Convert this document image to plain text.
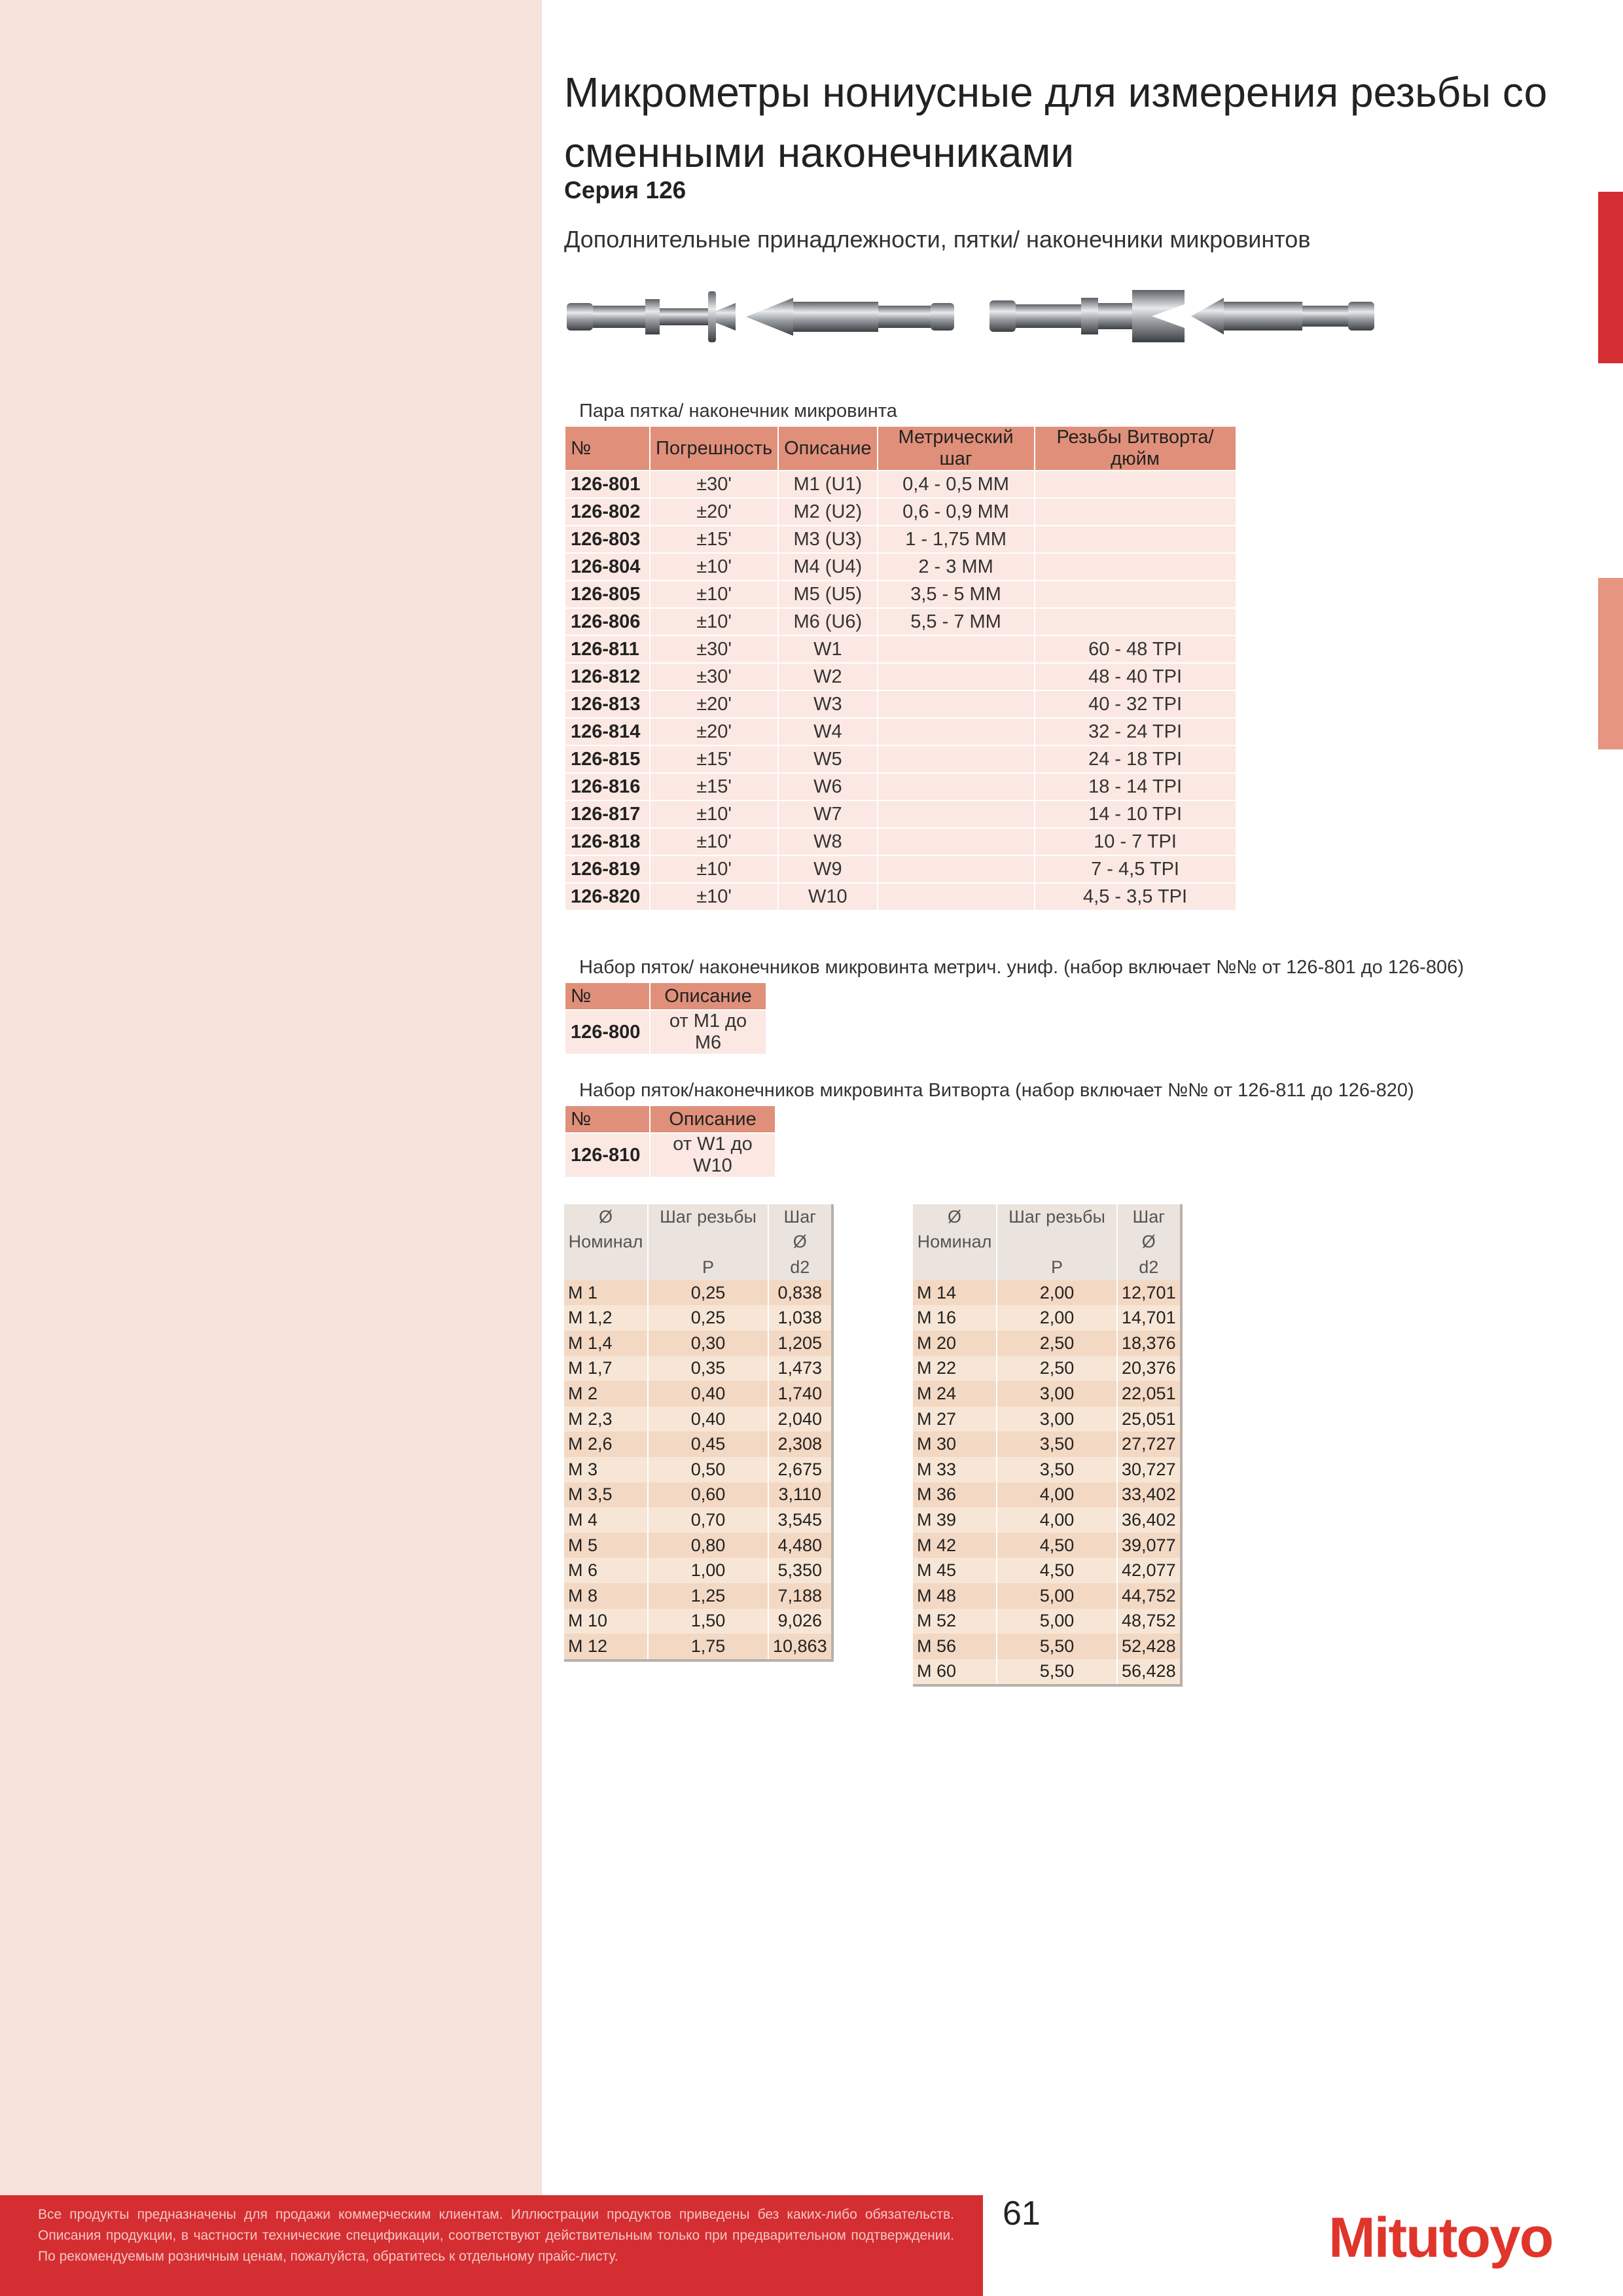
Микрометры нониусные для измерения резьбы со сменными наконечниками
Серия 126
Дополнительные принадлежности, пятки/ наконечники микровинтов
Пара пятка/ наконечник микровинта
№	Погрешность	Описание	Метрический шаг	Резьбы Витворта/дюйм
126-801	±30'	M1 (U1)	0,4 - 0,5 MM	
126-802	±20'	M2 (U2)	0,6 - 0,9 MM	
126-803	±15'	M3 (U3)	1 - 1,75 MM	
126-804	±10'	M4 (U4)	2 - 3 MM	
126-805	±10'	M5 (U5)	3,5 - 5 MM	
126-806	±10'	M6 (U6)	5,5 - 7 MM	
126-811	±30'	W1		60 - 48 TPI
126-812	±30'	W2		48 - 40 TPI
126-813	±20'	W3		40 - 32 TPI
126-814	±20'	W4		32 - 24 TPI
126-815	±15'	W5		24 - 18 TPI
126-816	±15'	W6		18 - 14 TPI
126-817	±10'	W7		14 - 10 TPI
126-818	±10'	W8		10 - 7 TPI
126-819	±10'	W9		7 - 4,5 TPI
126-820	±10'	W10		4,5 - 3,5 TPI
Набор пяток/ наконечников микровинта метрич. униф. (набор включает №№ от 126-801 до 126-806)
№	Описание
126-800	от M1 до M6
Набор пяток/наконечников микровинта Витворта (набор включает №№ от 126-811 до 126-820)
№	Описание
126-810	от W1 до W10
Ø	Шаг резьбы	Шаг
Номинал		Ø
	P	d2
M 1	0,25	0,838
M 1,2	0,25	1,038
M 1,4	0,30	1,205
M 1,7	0,35	1,473
M 2	0,40	1,740
M 2,3	0,40	2,040
M 2,6	0,45	2,308
M 3	0,50	2,675
M 3,5	0,60	3,110
M 4	0,70	3,545
M 5	0,80	4,480
M 6	1,00	5,350
M 8	1,25	7,188
M 10	1,50	9,026
M 12	1,75	10,863
Ø	Шаг резьбы	Шаг
Номинал		Ø
	P	d2
M 14	2,00	12,701
M 16	2,00	14,701
M 20	2,50	18,376
M 22	2,50	20,376
M 24	3,00	22,051
M 27	3,00	25,051
M 30	3,50	27,727
M 33	3,50	30,727
M 36	4,00	33,402
M 39	4,00	36,402
M 42	4,50	39,077
M 45	4,50	42,077
M 48	5,00	44,752
M 52	5,00	48,752
M 56	5,50	52,428
M 60	5,50	56,428
Все продукты предназначены для продажи коммерческим клиентам. Иллюстрации продуктов приведены без каких-либо обязательств. Описания продукции, в частности технические спецификации, соответствуют действительным только при предварительном подтверждении. По рекомендуемым розничным ценам, пожалуйста, обратитесь к отдельному прайс-листу.
61	Mitutoyo
